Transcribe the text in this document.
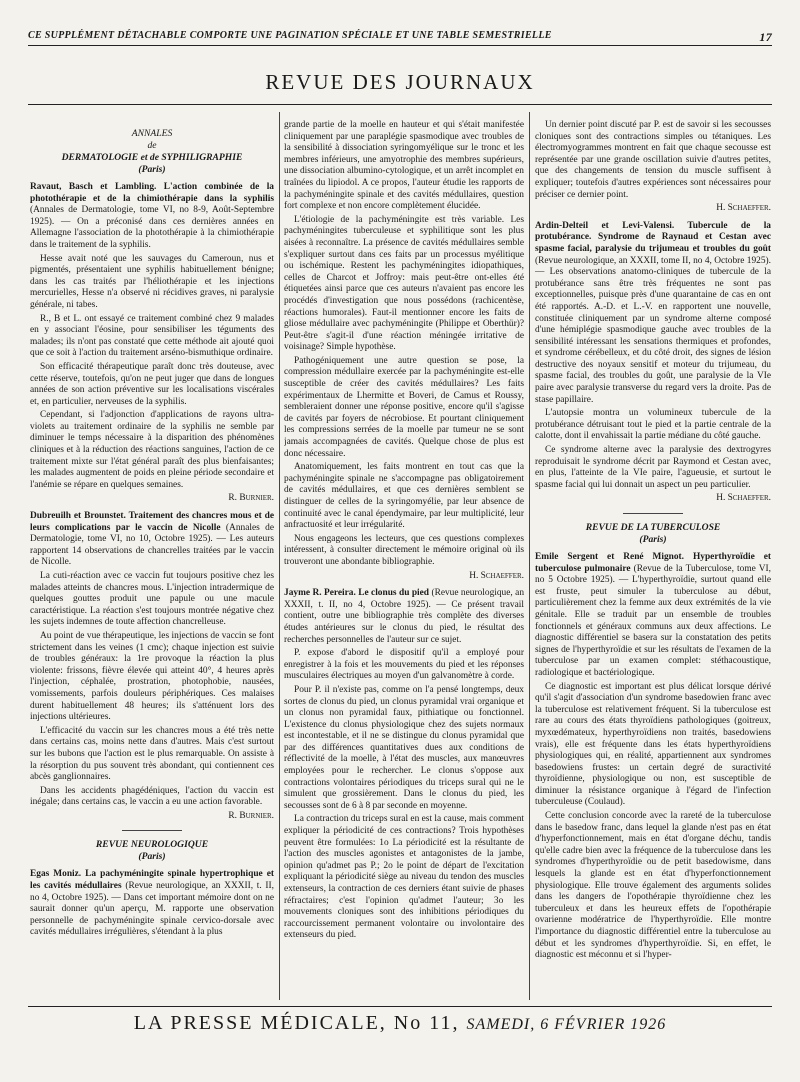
CE SUPPLÉMENT DÉTACHABLE COMPORTE UNE PAGINATION SPÉCIALE ET UNE TABLE SEMESTRIELLE	17
REVUE DES JOURNAUX
ANNALES
de
DERMATOLOGIE et de SYPHILIGRAPHIE
(Paris)

Ravaut, Basch et Lambling. L'action combinée de la photothérapie et de la chimiothérapie dans la syphilis (Annales de Dermatologie, tome VI, no 8-9, Août-Septembre 1925). — On a préconisé dans ces dernières années en Allemagne l'association de la photothérapie à la chimiothérapie dans le traitement de la syphilis.

Hesse avait noté que les sauvages du Cameroun, nus et pigmentés, présentaient une syphilis habituellement bénigne; dans les cas traités par l'héliothérapie et les injections mercurielles, Hesse n'a observé ni récidives graves, ni paralysie générale, ni tabes.

R., B et L. ont essayé ce traitement combiné chez 9 malades en y associant l'éosine, pour sensibiliser les téguments des malades; ils n'ont pas constaté que cette méthode ait ajouté quoi que ce soit à l'action du traitement arséno-bismuthique ordinaire.

Son efficacité thérapeutique paraît donc très douteuse, avec cette réserve, toutefois, qu'on ne peut juger que dans de longues années de son action préventive sur les localisations viscérales et, en particulier, nerveuses de la syphilis.

Cependant, si l'adjonction d'applications de rayons ultra-violets au traitement ordinaire de la syphilis ne semble par diminuer le temps nécessaire à la disparition des phénomènes cliniques et à la réduction des réactions sanguines, l'action de ce traitement mixte sur l'état général paraît des plus bienfaisantes; les malades augmentent de poids en pleine période secondaire et l'anémie se répare en quelques semaines.

R. Burnier.

Dubreuilh et Brounstet. Traitement des chancres mous et de leurs complications par le vaccin de Nicolle (Annales de Dermatologie, tome VI, no 10, Octobre 1925). — Les auteurs rapportent 14 observations de chancrelles traitées par le vaccin de Nicolle.

La cuti-réaction avec ce vaccin fut toujours positive chez les malades atteints de chancres mous. L'injection intradermique de quelques gouttes produit une papule ou une macule caractéristique. La réaction s'est toujours montrée négative chez les sujets indemnes de toute affection chancrelleuse.

Au point de vue thérapeutique, les injections de vaccin se font strictement dans les veines (1 cmc); chaque injection est suivie de troubles généraux: la 1re provoque la réaction la plus violente: frissons, fièvre élevée qui atteint 40°, 4 heures après l'injection, céphalée, prostration, photophobie, nausées, vomissements, parfois douleurs périphériques. Ces malaises durent habituellement 48 heures; ils s'atténuent lors des injections ultérieures.

L'efficacité du vaccin sur les chancres mous a été très nette dans certains cas, moins nette dans d'autres. Mais c'est surtout sur les bubons que l'action est le plus remarquable. On assiste à la résorption du pus souvent très abondant, qui contiennent ces abcès ganglionnaires.

Dans les accidents phagédéniques, l'action du vaccin est inégale; dans certains cas, le vaccin a eu une action favorable.

R. Burnier.
REVUE NEUROLOGIQUE
(Paris)

Egas Moniz. La pachyméningite spinale hypertrophique et les cavités médullaires (Revue neurologique, an XXXII, t. II, no 4, Octobre 1925). — Dans cet important mémoire dont on ne saurait donner qu'un aperçu, M. rapporte une observation personnelle de pachyméningite spinale cervico-dorsale avec cavités médullaires irrégulières, s'étendant à la plus

grande partie de la moelle en hauteur et qui s'était manifestée cliniquement par une paraplégie spasmodique avec troubles de la sensibilité à dissociation syringomyélique sur le tronc et les membres inférieurs, une amyotrophie des membres supérieurs, une dissociation albumino-cytologique, et un arrêt incomplet en traînées du lipiodol. A ce propos, l'auteur étudie les rapports de la pachyméningite spinale et des cavités médullaires, question fort complexe et non encore complètement élucidée.

L'étiologie de la pachyméningite est très variable. Les pachyméningites tuberculeuse et syphilitique sont les plus aisées à reconnaître. La présence de cavités médullaires semble s'expliquer surtout dans ces faits par un processus myélitique ou ischémique. Restent les pachyméningites idiopathiques, celles de Charcot et Joffroy: mais peut-être ont-elles été étiquetées ainsi parce que ces auteurs n'avaient pas encore les procédés d'investigation que nous possédons (rachicentèse, réactions humorales). Faut-il mentionner encore les faits de gliose médullaire avec pachyméningite (Philippe et Oberthür)? Peut-être s'agit-il d'une réaction méningée irritative de voisinage? Simple hypothèse.

Pathogéniquement une autre question se pose, la compression médullaire exercée par la pachyméningite est-elle susceptible de créer des cavités médullaires? Les faits expérimentaux de Lhermitte et Boveri, de Camus et Roussy, sembleraient donner une réponse positive, encore qu'il s'agisse de cavités par foyers de nécrobiose. Et pourtant cliniquement les compressions serrées de la moelle par tumeur ne se sont jamais accompagnées de cavités. Quelque chose de plus est donc nécessaire.

Anatomiquement, les faits montrent en tout cas que la pachyméningite spinale ne s'accompagne pas obligatoirement de cavités médullaires, et que ces dernières semblent se distinguer de celles de la syringomyélie, par leur absence de continuité avec le canal épendymaire, par leur multiplicité, leur anfractuosité et leur irrégularité.

Nous engageons les lecteurs, que ces questions complexes intéressent, à consulter directement le mémoire original où ils trouveront une abondante bibliographie.

H. Schaeffer.

Jayme R. Pereira. Le clonus du pied (Revue neurologique, an XXXII, t. II, no 4, Octobre 1925). — Ce présent travail contient, outre une bibliographie très complète des diverses études antérieures sur le clonus du pied, le résultat des recherches personnelles de l'auteur sur ce sujet.

P. expose d'abord le dispositif qu'il a employé pour enregistrer à la fois et les mouvements du pied et les réponses musculaires électriques au moyen d'un galvanomètre à corde.

Pour P. il n'existe pas, comme on l'a pensé longtemps, deux sortes de clonus du pied, un clonus pyramidal vrai organique et un clonus non pyramidal faux, pithiatique ou fonctionnel. L'existence du clonus physiologique chez des sujets normaux est incontestable, et il ne se distingue du clonus pyramidal que par des différences quantitatives dues aux conditions de réflectivité de la moelle, à l'état des muscles, aux manœuvres employées pour le rechercher. Le clonus s'oppose aux contractions volontaires périodiques du triceps sural qui ne le simulent que grossièrement. Dans le clonus du pied, les secousses sont de 6 à 8 par seconde en moyenne.

La contraction du triceps sural en est la cause, mais comment expliquer la périodicité de ces contractions? Trois hypothèses peuvent être formulées: 1o La périodicité est la résultante de l'action des muscles agonistes et antagonistes de la jambe, opinion qu'admet pas P.; 2o le point de départ de l'excitation expliquant la périodicité siège au niveau du tendon des muscles extenseurs, la contraction de ces derniers étant suivie de phases réfractaires; c'est l'opinion qu'admet l'auteur; 3o les mouvements cloniques sont des inhibitions périodiques du raccourcissement permanent volontaire ou involontaire des extenseurs du pied.

Un dernier point discuté par P. est de savoir si les secousses cloniques sont des contractions simples ou tétaniques. Les électromyogrammes montrent en fait que chaque secousse est représentée par une grande oscillation suivie d'autres petites, que des changements de tension du muscle suffisent à expliquer; toutefois d'autres expériences sont nécessaires pour préciser ce dernier point.

H. Schaeffer.

Ardin-Delteil et Levi-Valensi. Tubercule de la protubérance. Syndrome de Raynaud et Cestan avec spasme facial, paralysie du trijumeau et troubles du goût (Revue neurologique, an XXXII, tome II, no 4, Octobre 1925). — Les observations anatomo-cliniques de tubercule de la protubérance sans être très fréquentes ne sont pas exceptionnelles, puisque près d'une quarantaine de cas en ont été rapportés. A.-D. et L.-V. en rapportent une nouvelle, constituée cliniquement par un syndrome alterne composé d'une hémiplégie spasmodique gauche avec troubles de la sensibilité intéressant les sensations thermiques et profondes, et syndrome cérébelleux, et du côté droit, des signes de lésion destructive des noyaux sensitif et moteur du trijumeau, du spasme facial, des troubles du goût, une paralysie de la VIe paire avec paralysie transverse du regard vers la droite. Pas de stase papillaire.

L'autopsie montra un volumineux tubercule de la protubérance détruisant tout le pied et la partie centrale de la calotte, dont il envahissait la partie médiane du côté gauche.

Ce syndrome alterne avec la paralysie des dextrogyres reproduisait le syndrome décrit par Raymond et Cestan avec, en plus, l'atteinte de la VIe paire, l'agueusie, et surtout le spasme facial qui lui donnait un aspect un peu particulier.

H. Schaeffer.
REVUE DE LA TUBERCULOSE
(Paris)

Emile Sergent et René Mignot. Hyperthyroïdie et tuberculose pulmonaire (Revue de la Tuberculose, tome VI, no 5 Octobre 1925). — L'hyperthyroïdie, surtout quand elle est fruste, peut simuler la tuberculose au début, particulièrement chez la femme aux deux extrémités de la vie génitale. Elle se traduit par un ensemble de troubles fonctionnels et généraux communs aux deux affections. Le diagnostic différentiel se basera sur la constatation des petits signes de l'hyperthyroïdie et sur les résultats de l'examen de la tuberculose par un examen complet: stéthacoustique, radiologique et bactériologique.

Ce diagnostic est important est plus délicat lorsque dérivé qu'il s'agit d'association d'un syndrome basedowien franc avec la tuberculose est relativement fréquent. Si la tuberculose est rare au cours des états thyroïdiens pathologiques (goitreux, myxœdémateux, hyperthyroïdiens non traités, basedowiens vrais), elle est fréquente dans les états hyperthyroïdiens physiologiques qui, en réalité, appartiennent aux syndromes basedowiens frustes: un certain degré de suractivité thyroïdienne, physiologique ou non, est susceptible de diminuer la résistance organique à l'égard de l'infection tuberculeuse (Coulaud).

Cette conclusion concorde avec la rareté de la tuberculose dans le basedow franc, dans lequel la glande n'est pas en état d'hyperfonctionnement, mais en état d'organe déchu, tandis qu'elle cadre bien avec la fréquence de la tuberculose dans les syndromes d'hyperthyroïdie ou de petit basedowisme, dans lesquels la glande est en état d'hyperfonctionnement physiologique. Elle trouve également des arguments solides dans les dangers de l'opothérapie thyroïdienne chez les tuberculeux et dans les heureux effets de l'opothérapie ovarienne modératrice de l'hyperthyroïdie. Elle montre l'importance du diagnostic différentiel entre la tuberculose au début et les syndromes d'hyperthyroïdie. Si, en effet, le diagnostic est méconnu et si l'hyper-

LA PRESSE MÉDICALE, No 11, SAMEDI, 6 FÉVRIER 1926
